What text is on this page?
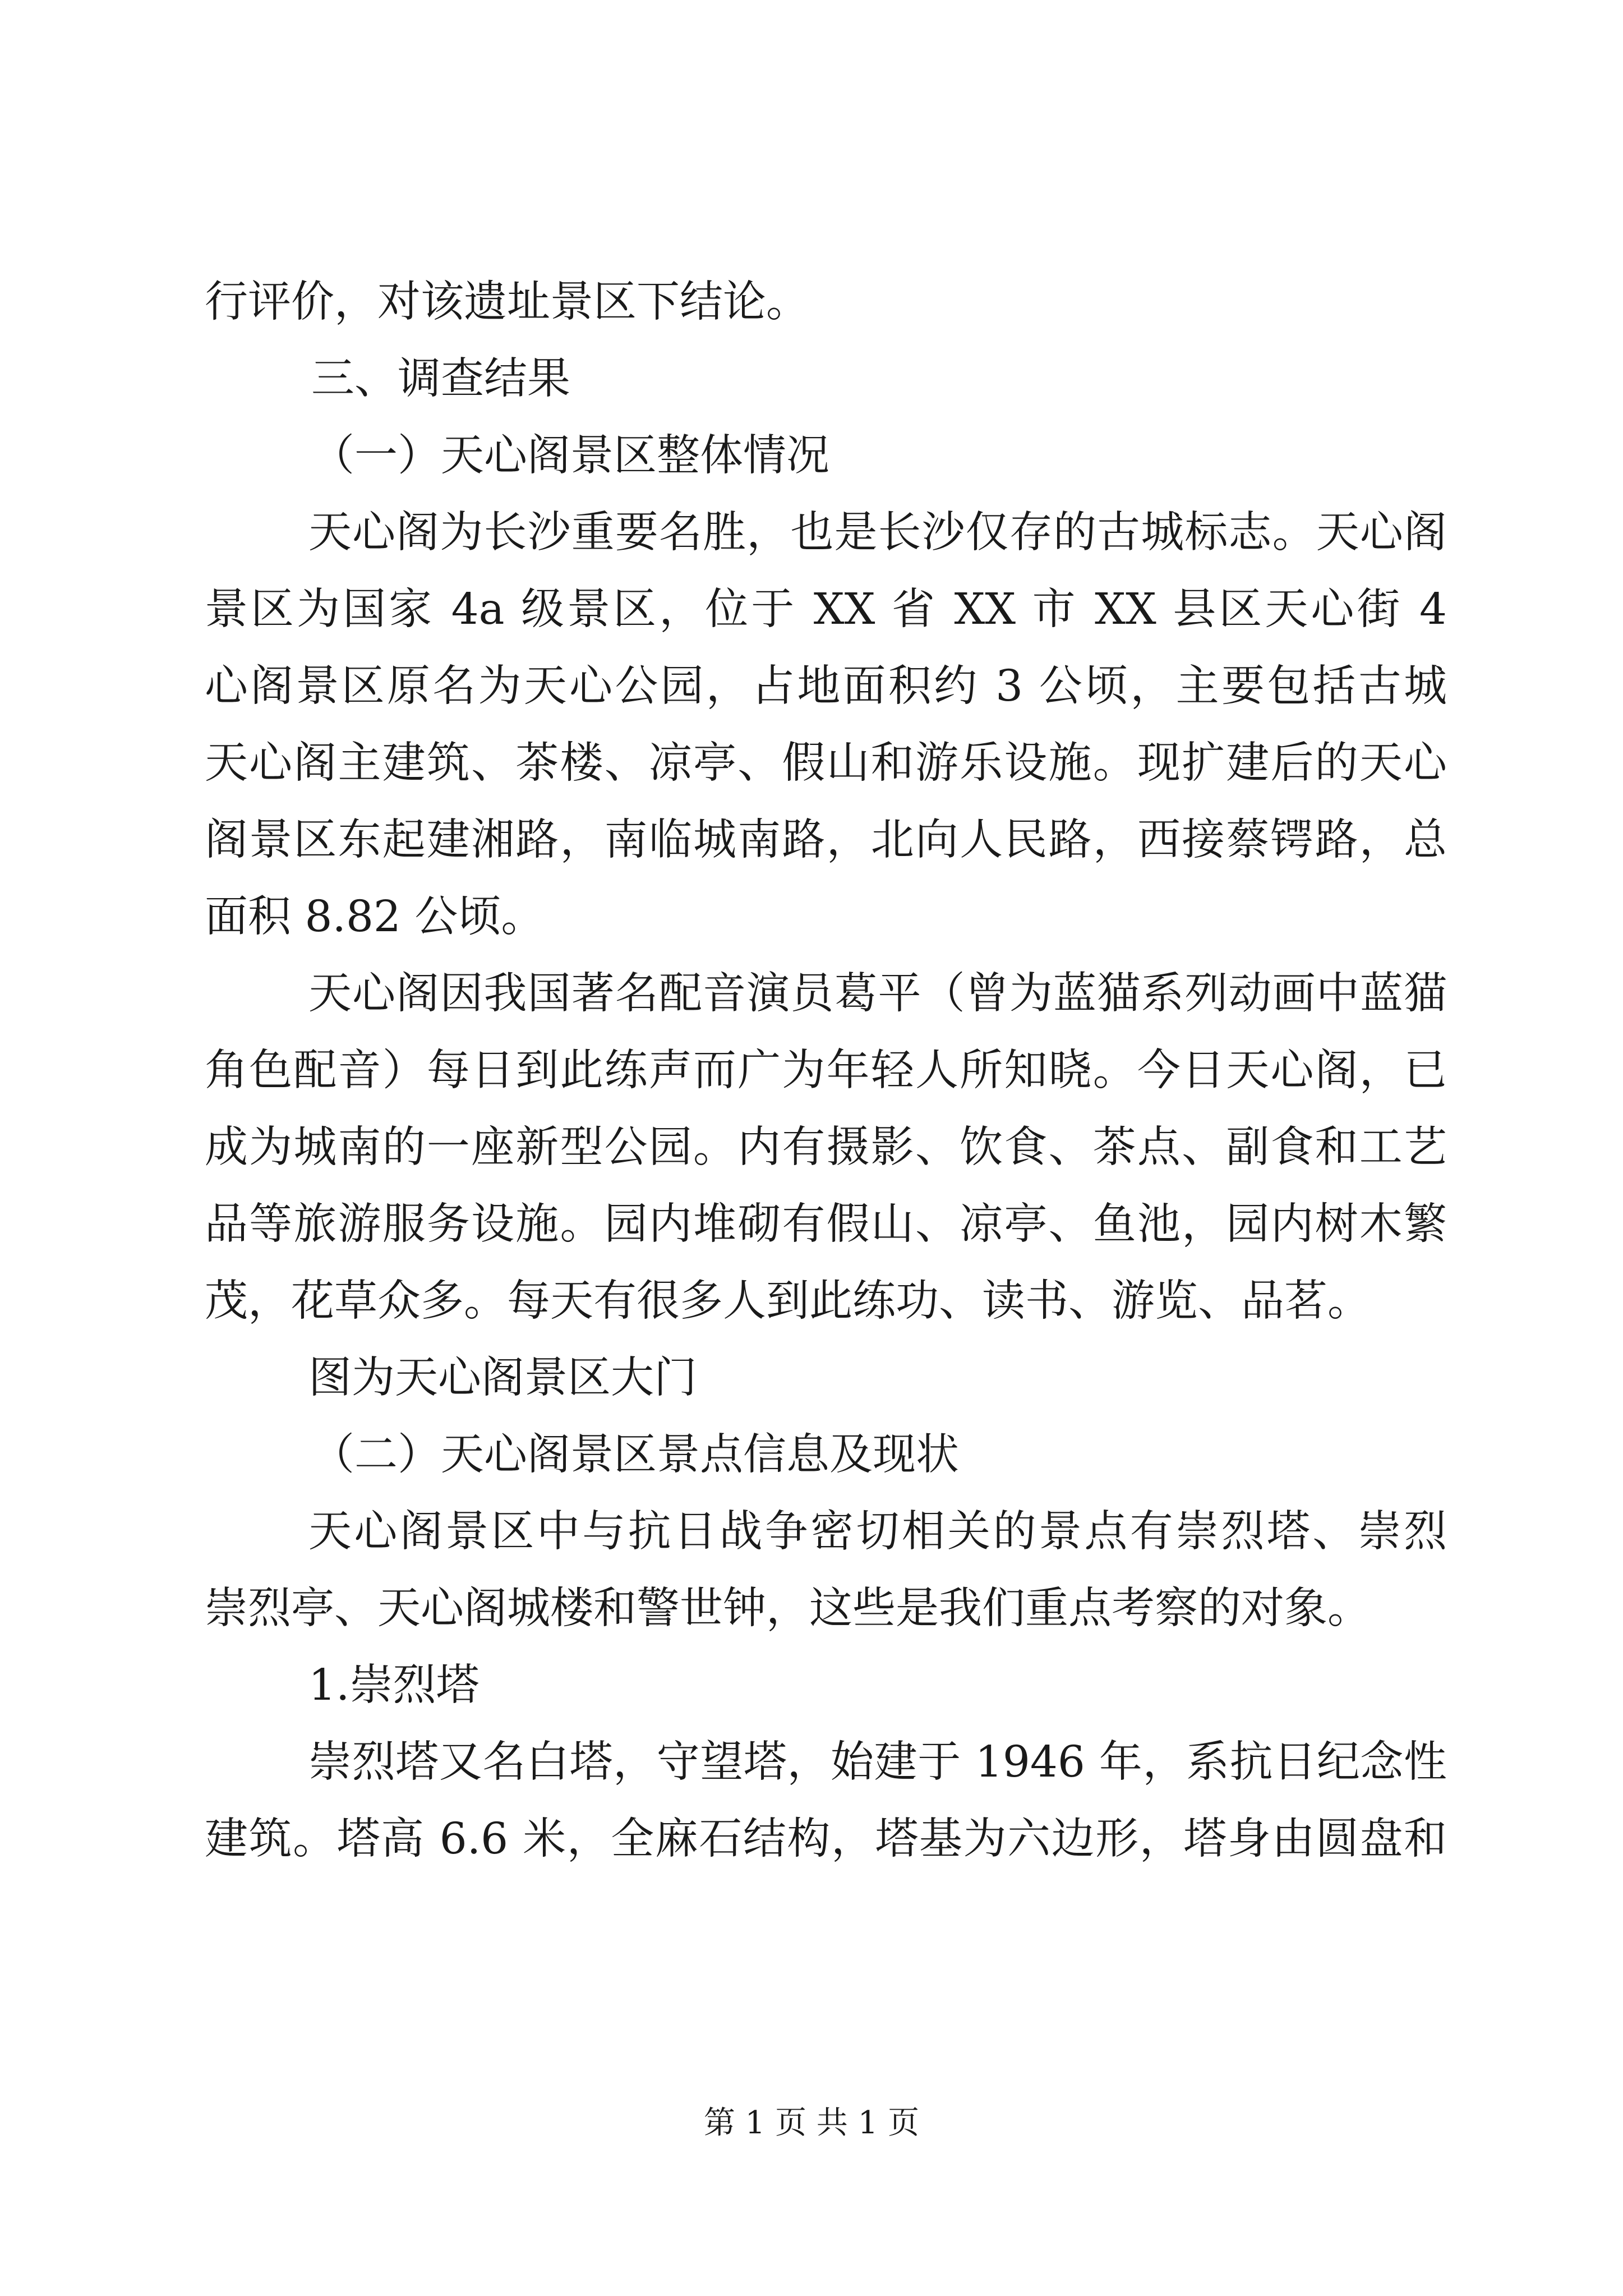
行评价，对该遗址景区下结论。

三、调查结果

（一）天心阁景区整体情况

天心阁为长沙重要名胜，也是长沙仅存的古城标志。天心阁

景区为国家 4a 级景区，位于 XX 省 XX 市 XX 县区天心街 4

心阁景区原名为天心公园，占地面积约 3 公顷，主要包括古城

天心阁主建筑、茶楼、凉亭、假山和游乐设施。现扩建后的天心

阁景区东起建湘路，南临城南路，北向人民路，西接蔡锷路，总

面积 8.82 公顷。

天心阁因我国著名配音演员葛平（曾为蓝猫系列动画中蓝猫

角色配音）每日到此练声而广为年轻人所知晓。今日天心阁，已

成为城南的一座新型公园。内有摄影、饮食、茶点、副食和工艺

品等旅游服务设施。园内堆砌有假山、凉亭、鱼池，园内树木繁

茂，花草众多。每天有很多人到此练功、读书、游览、品茗。

图为天心阁景区大门

（二）天心阁景区景点信息及现状

天心阁景区中与抗日战争密切相关的景点有崇烈塔、崇烈

崇烈亭、天心阁城楼和警世钟，这些是我们重点考察的对象。

1.崇烈塔

崇烈塔又名白塔，守望塔，始建于 1946 年，系抗日纪念性

建筑。塔高 6.6 米，全麻石结构，塔基为六边形，塔身由圆盘和

第 1 页 共 1 页
